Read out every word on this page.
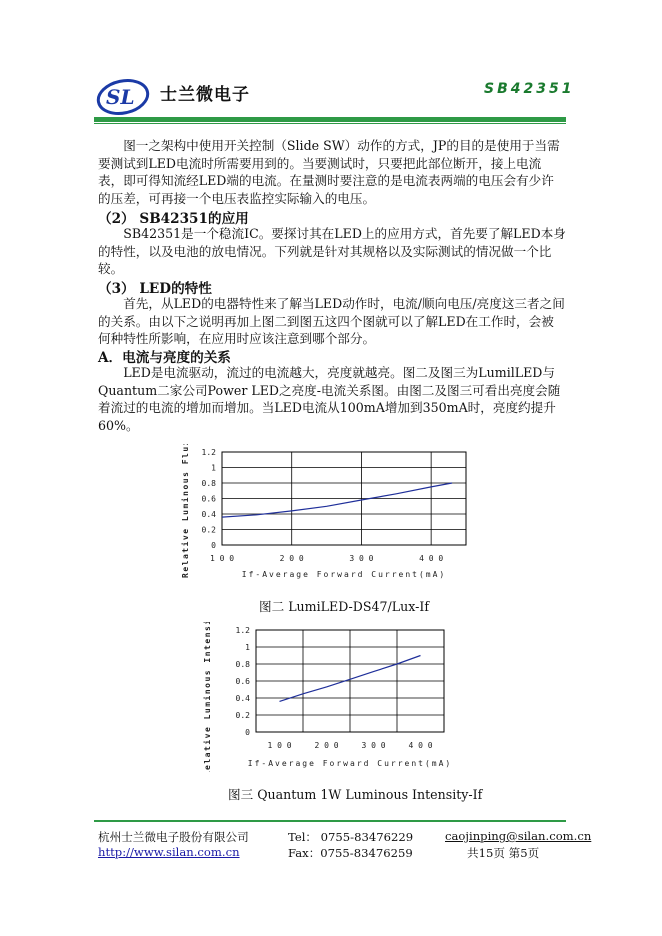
SL 士兰微电子	SB42351
图一之架构中使用开关控制（Slide SW）动作的方式，JP的目的是使用于当需要测试到LED电流时所需要用到的。当要测试时，只要把此部位断开，接上电流表，即可得知流经LED端的电流。在量测时要注意的是电流表两端的电压会有少许的压差，可再接一个电压表监控实际输入的电压。
（2） SB42351的应用
SB42351是一个稳流IC。要探讨其在LED上的应用方式，首先要了解LED本身的特性，以及电池的放电情况。下列就是针对其规格以及实际测试的情况做一个比较。
（3） LED的特性
首先，从LED的电器特性来了解当LED动作时，电流/顺向电压/亮度这三者之间的关系。由以下之说明再加上图二到图五这四个图就可以了解LED在工作时，会被何种特性所影响，在应用时应该注意到哪个部分。
A．电流与亮度的关系
LED是电流驱动，流过的电流越大，亮度就越亮。图二及图三为LumilLED与Quantum二家公司Power LED之亮度-电流关系图。由图二及图三可看出亮度会随着流过的电流的增加而增加。当LED电流从100mA增加到350mA时，亮度约提升60%。
0
0.2
0.4
0.6
0.8
1
1.2
1 0 0	2 0 0	3 0 0	4 0 0
If-Average Forward Current(mA)
Relative Luminous Flux
图二 LumiLED-DS47/Lux-If
0
0.2
0.4
0.6
0.8
1
1.2
1 0 0	2 0 0	3 0 0	4 0 0
If-Average Forward Current(mA)
Relative Luminous Intensity
图三 Quantum 1W Luminous Intensity-If
杭州士兰微电子股份有限公司
http://www.silan.com.cn
Tel： 0755-83476229
Fax：0755-83476259
caojinping@silan.com.cn
共15页 第5页
